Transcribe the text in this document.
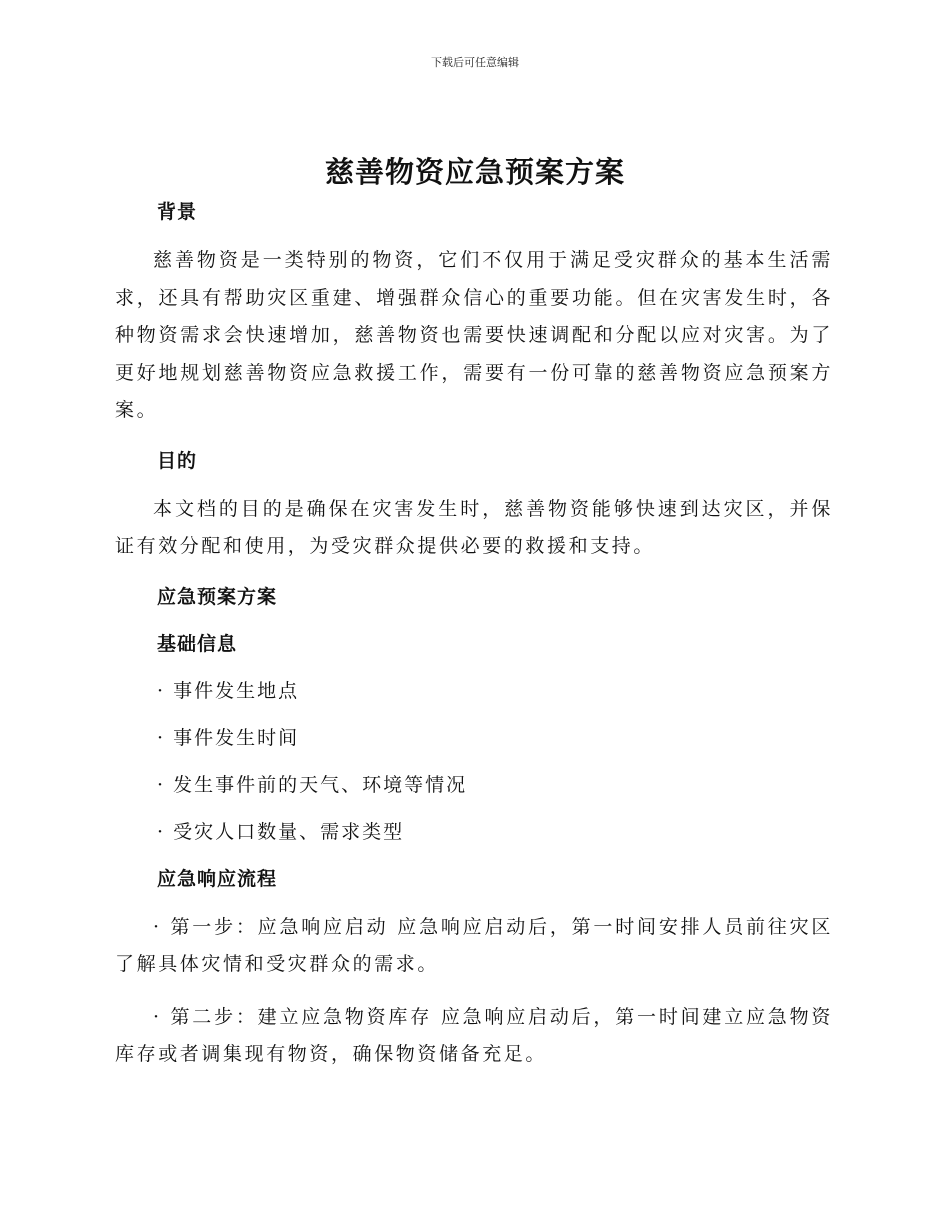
下载后可任意编辑
慈善物资应急预案方案

背景

慈善物资是一类特别的物资，它们不仅用于满足受灾群众的基本生活需求，还具有帮助灾区重建、增强群众信心的重要功能。但在灾害发生时，各种物资需求会快速增加，慈善物资也需要快速调配和分配以应对灾害。为了更好地规划慈善物资应急救援工作，需要有一份可靠的慈善物资应急预案方案。

目的

本文档的目的是确保在灾害发生时，慈善物资能够快速到达灾区，并保证有效分配和使用，为受灾群众提供必要的救援和支持。

应急预案方案

基础信息

· 事件发生地点

· 事件发生时间

· 发生事件前的天气、环境等情况

· 受灾人口数量、需求类型

应急响应流程

· 第一步：应急响应启动 应急响应启动后，第一时间安排人员前往灾区了解具体灾情和受灾群众的需求。

· 第二步：建立应急物资库存 应急响应启动后，第一时间建立应急物资库存或者调集现有物资，确保物资储备充足。
